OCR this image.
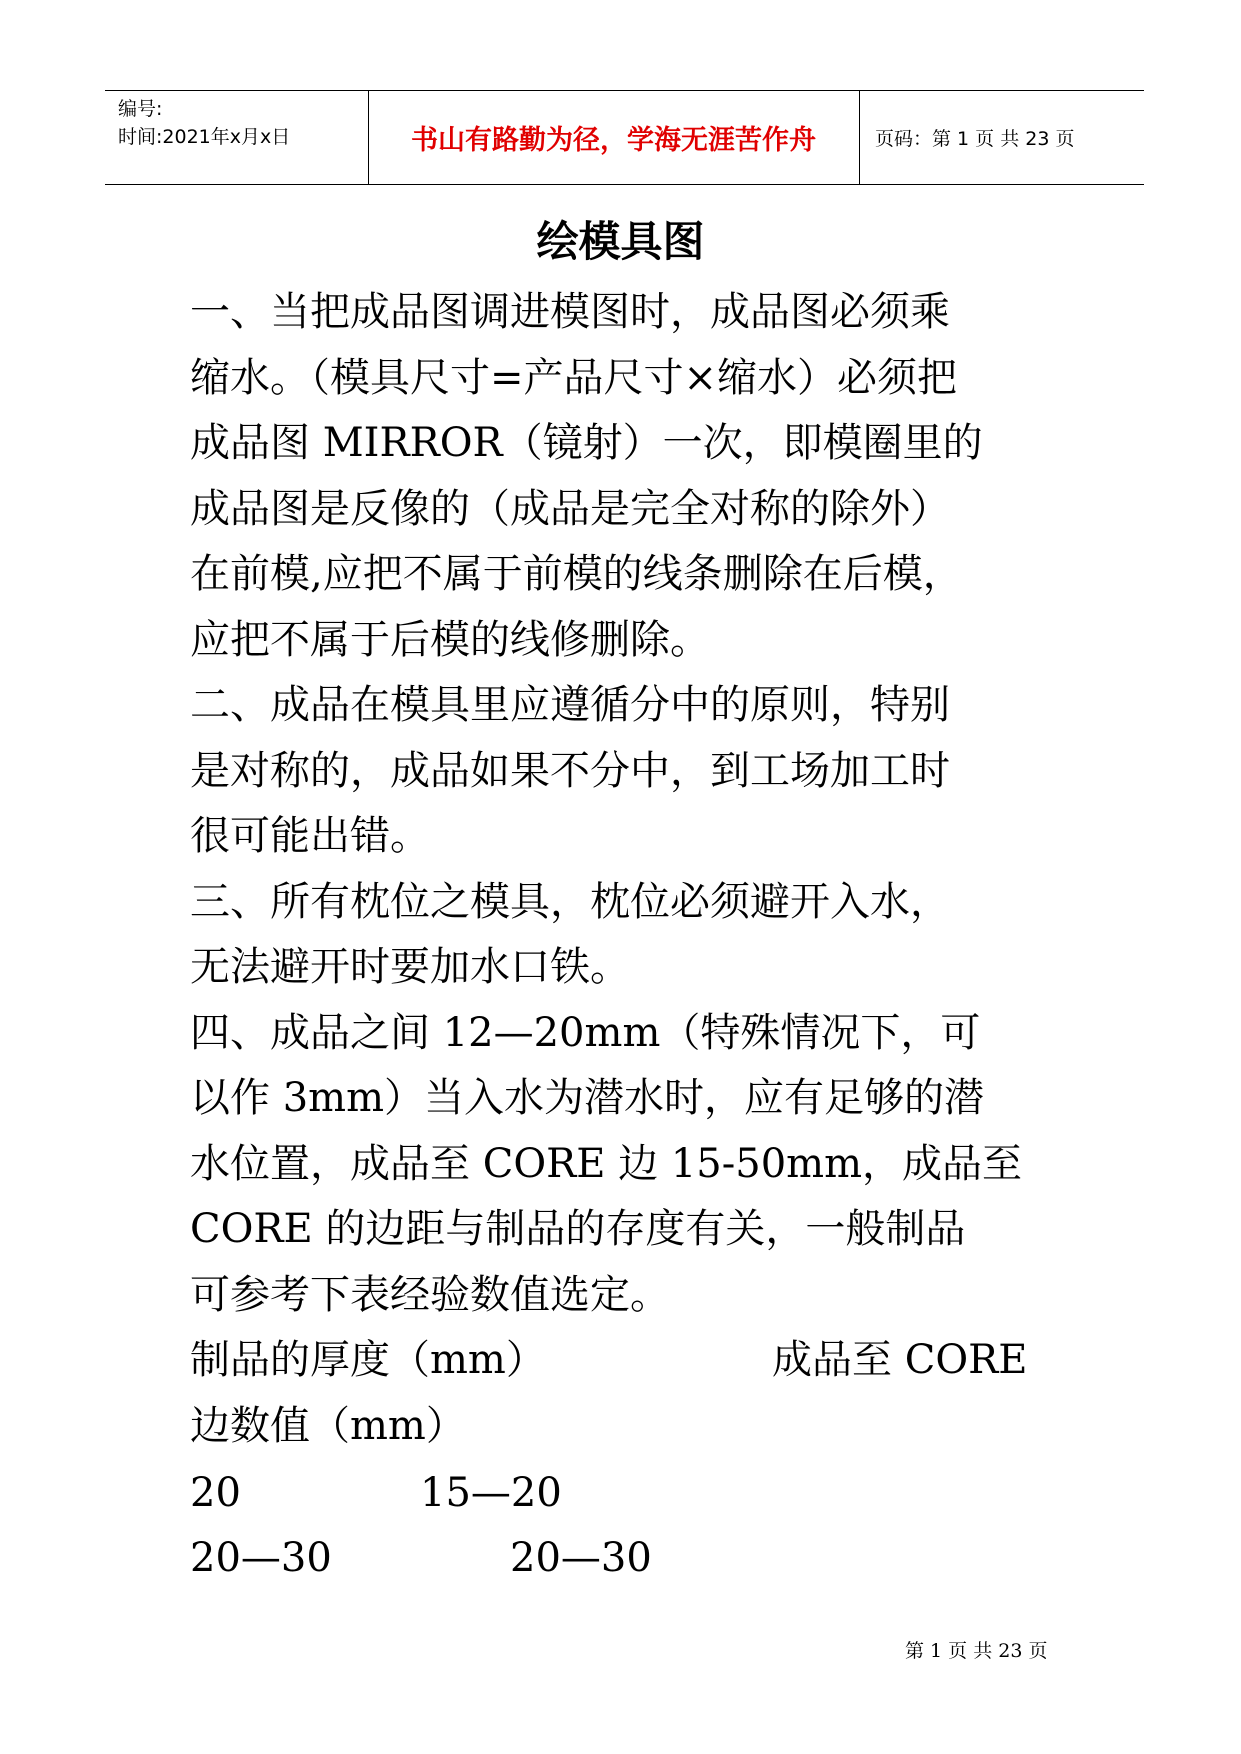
编号:
时间:2021年x月x日	书山有路勤为径，学海无涯苦作舟	页码：第 1 页 共 23 页
绘模具图

一、当把成品图调进模图时，成品图必须乘

缩水。（模具尺寸=产品尺寸×缩水）必须把

成品图 MIRROR（镜射）一次，即模圈里的

成品图是反像的（成品是完全对称的除外）

在前模,应把不属于前模的线条删除在后模，

应把不属于后模的线修删除。

二、成品在模具里应遵循分中的原则，特别

是对称的，成品如果不分中，到工场加工时

很可能出错。

三、所有枕位之模具，枕位必须避开入水，

无法避开时要加水口铁。

四、成品之间 12—20mm（特殊情况下，可

以作 3mm）当入水为潜水时，应有足够的潜

水位置，成品至 CORE 边 15-50mm，成品至

CORE 的边距与制品的存度有关，一般制品

可参考下表经验数值选定。

制品的厚度（mm）	成品至 CORE
边数值（mm）
20	15—20
20—30	20—30
第 1 页 共 23 页
